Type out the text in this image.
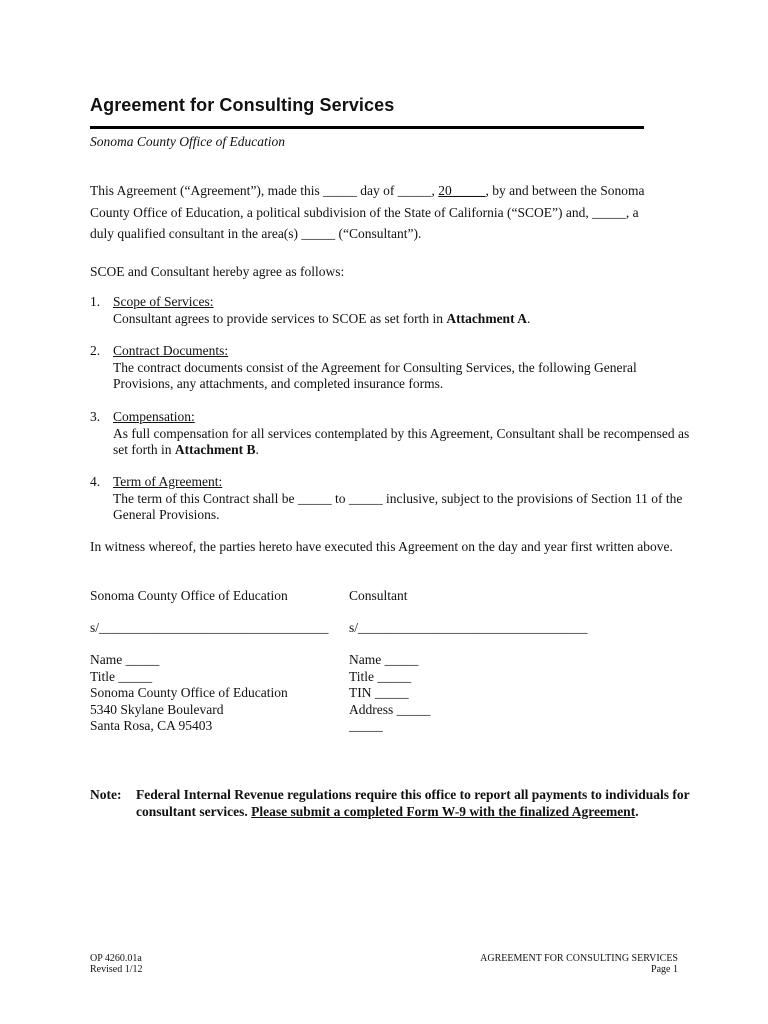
Agreement for Consulting Services
Sonoma County Office of Education
This Agreement (“Agreement”), made this _____ day of _____, 20_____, by and between the Sonoma
County Office of Education, a political subdivision of the State of California (“SCOE”) and, _____, a
duly qualified consultant in the area(s) _____ (“Consultant”).
SCOE and Consultant hereby agree as follows:
1. Scope of Services:
Consultant agrees to provide services to SCOE as set forth in Attachment A.
2. Contract Documents:
The contract documents consist of the Agreement for Consulting Services, the following General Provisions, any attachments, and completed insurance forms.
3. Compensation:
As full compensation for all services contemplated by this Agreement, Consultant shall be recompensed as set forth in Attachment B.
4. Term of Agreement:
The term of this Contract shall be _____ to _____ inclusive, subject to the provisions of Section 11 of the General Provisions.
In witness whereof, the parties hereto have executed this Agreement on the day and year first written above.
Sonoma County Office of Education
s/__________________________________
Name _____
Title _____
Sonoma County Office of Education
5340 Skylane Boulevard
Santa Rosa, CA 95403
Consultant
s/__________________________________
Name _____
Title _____
TIN _____
Address _____
_____
Note: Federal Internal Revenue regulations require this office to report all payments to individuals for consultant services. Please submit a completed Form W-9 with the finalized Agreement.
OP 4260.01a
Revised 1/12
AGREEMENT FOR CONSULTING SERVICES
Page 1
